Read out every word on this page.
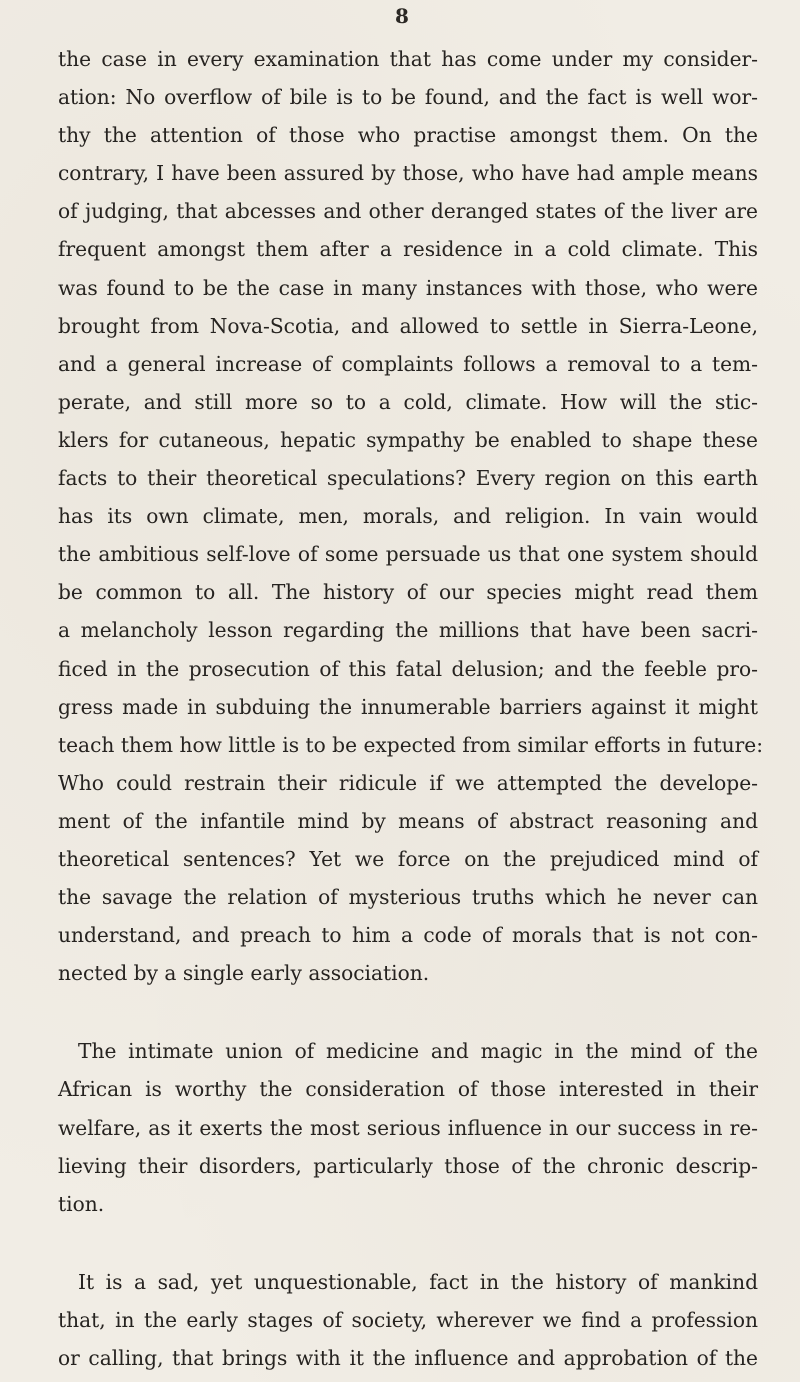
8
the case in every examination that has come under my consider-
ation: No overflow of bile is to be found, and the fact is well wor-
thy the attention of those who practise amongst them. On the
contrary, I have been assured by those, who have had ample means
of judging, that abcesses and other deranged states of the liver are
frequent amongst them after a residence in a cold climate. This
was found to be the case in many instances with those, who were
brought from Nova-Scotia, and allowed to settle in Sierra-Leone,
and a general increase of complaints follows a removal to a tem-
perate, and still more so to a cold, climate. How will the stic-
klers for cutaneous, hepatic sympathy be enabled to shape these
facts to their theoretical speculations? Every region on this earth
has its own climate, men, morals, and religion. In vain would
the ambitious self-love of some persuade us that one system should
be common to all. The history of our species might read them
a melancholy lesson regarding the millions that have been sacri-
ficed in the prosecution of this fatal delusion; and the feeble pro-
gress made in subduing the innumerable barriers against it might
teach them how little is to be expected from similar efforts in future:
Who could restrain their ridicule if we attempted the develope-
ment of the infantile mind by means of abstract reasoning and
theoretical sentences? Yet we force on the prejudiced mind of
the savage the relation of mysterious truths which he never can
understand, and preach to him a code of morals that is not con-
nected by a single early association.
The intimate union of medicine and magic in the mind of the
African is worthy the consideration of those interested in their
welfare, as it exerts the most serious influence in our success in re-
lieving their disorders, particularly those of the chronic descrip-
tion.
It is a sad, yet unquestionable, fact in the history of mankind
that, in the early stages of society, wherever we find a profession
or calling, that brings with it the influence and approbation of the
